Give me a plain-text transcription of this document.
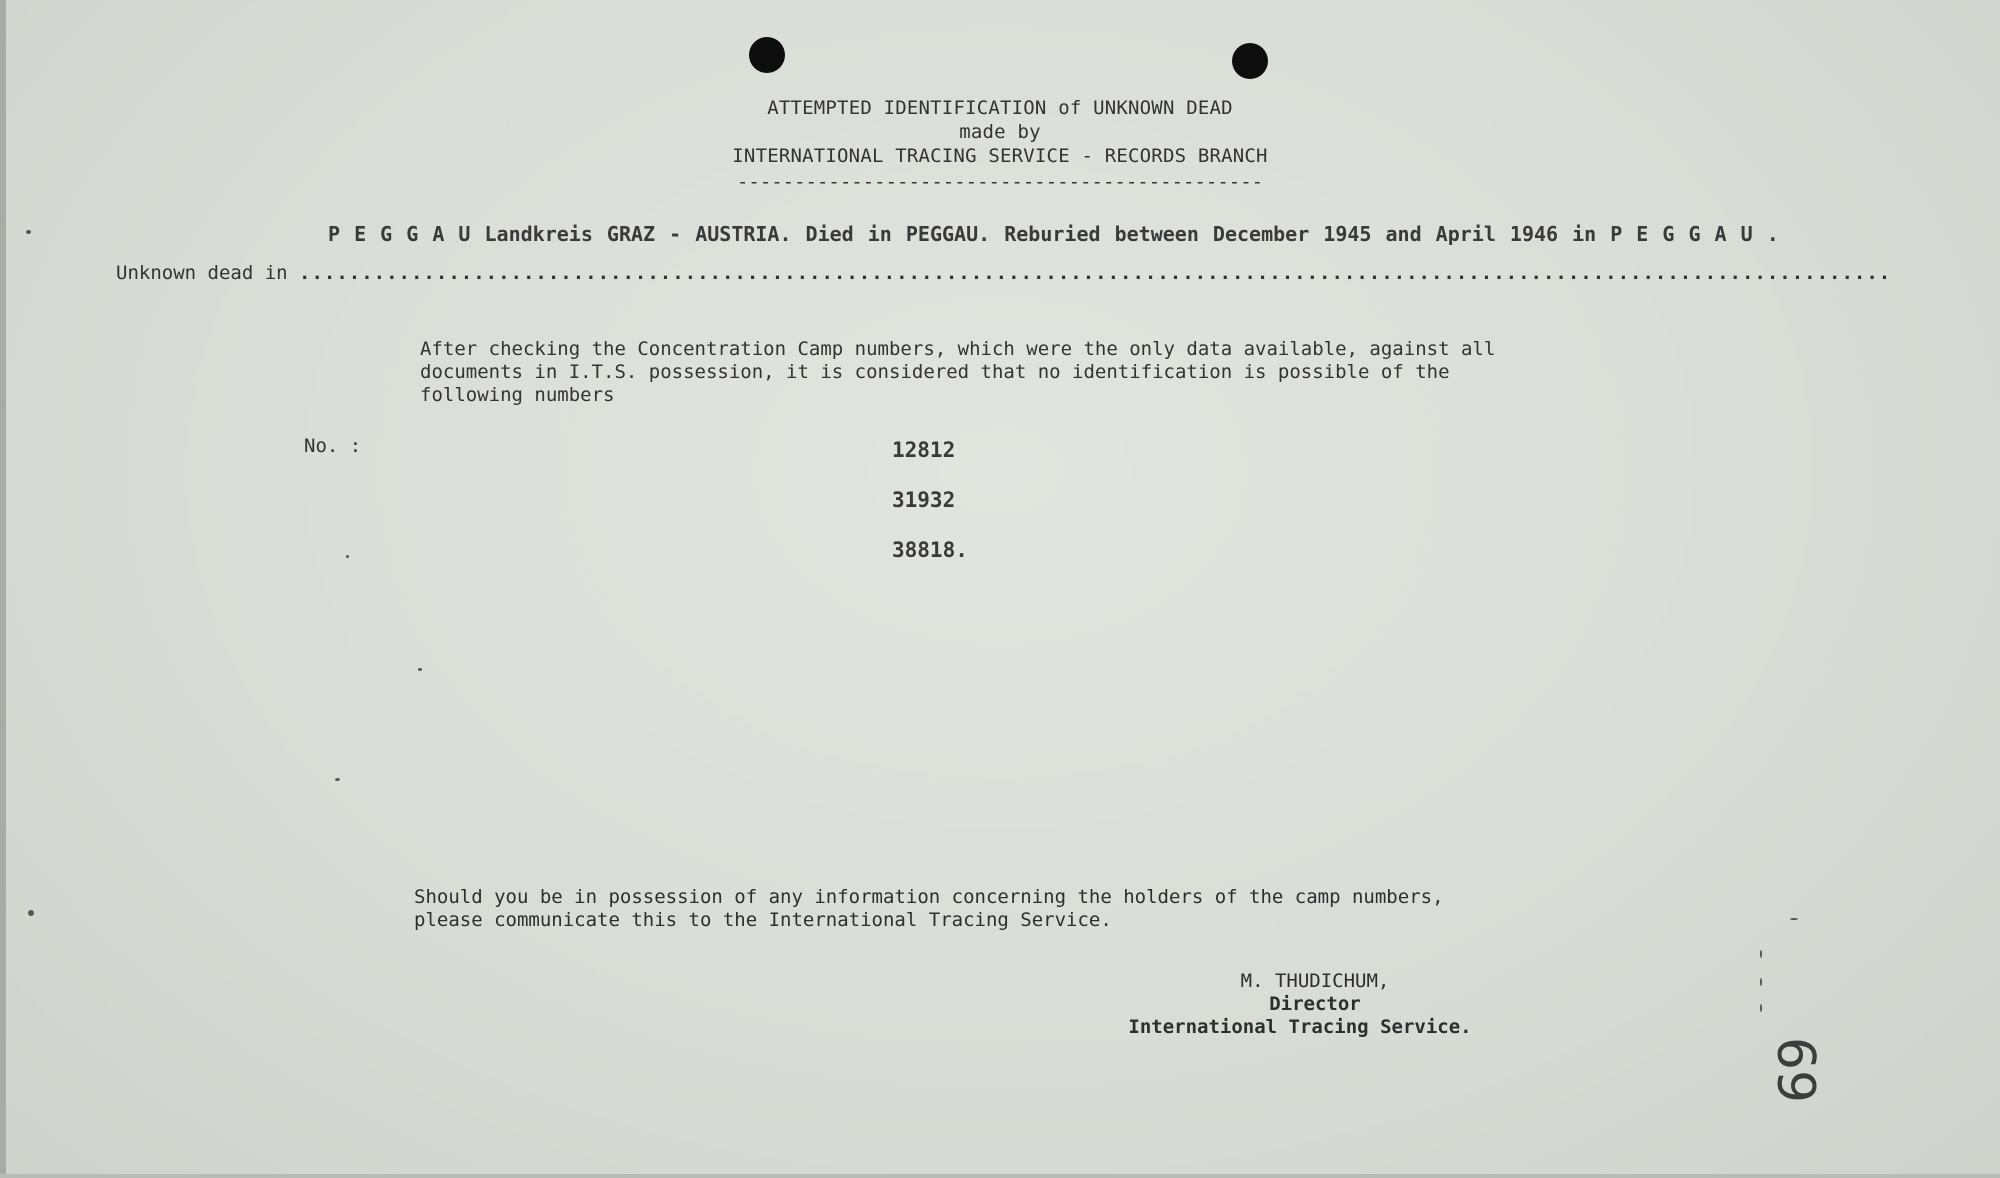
ATTEMPTED IDENTIFICATION of UNKNOWN DEAD
made by
INTERNATIONAL TRACING SERVICE - RECORDS BRANCH
----------------------------------------------
P E G G A U Landkreis GRAZ - AUSTRIA. Died in PEGGAU. Reburied between December 1945 and April 1946 in P E G G A U .
Unknown dead in ................................................................................................................................
After checking the Concentration Camp numbers, which were the only data available, against all
documents in I.T.S. possession, it is considered that no identification is possible of the
following numbers
No. :	12812
31932
38818.
Should you be in possession of any information concerning the holders of the camp numbers,
please communicate this to the International Tracing Service.
M. THUDICHUM,
Director
International Tracing Service.
69
